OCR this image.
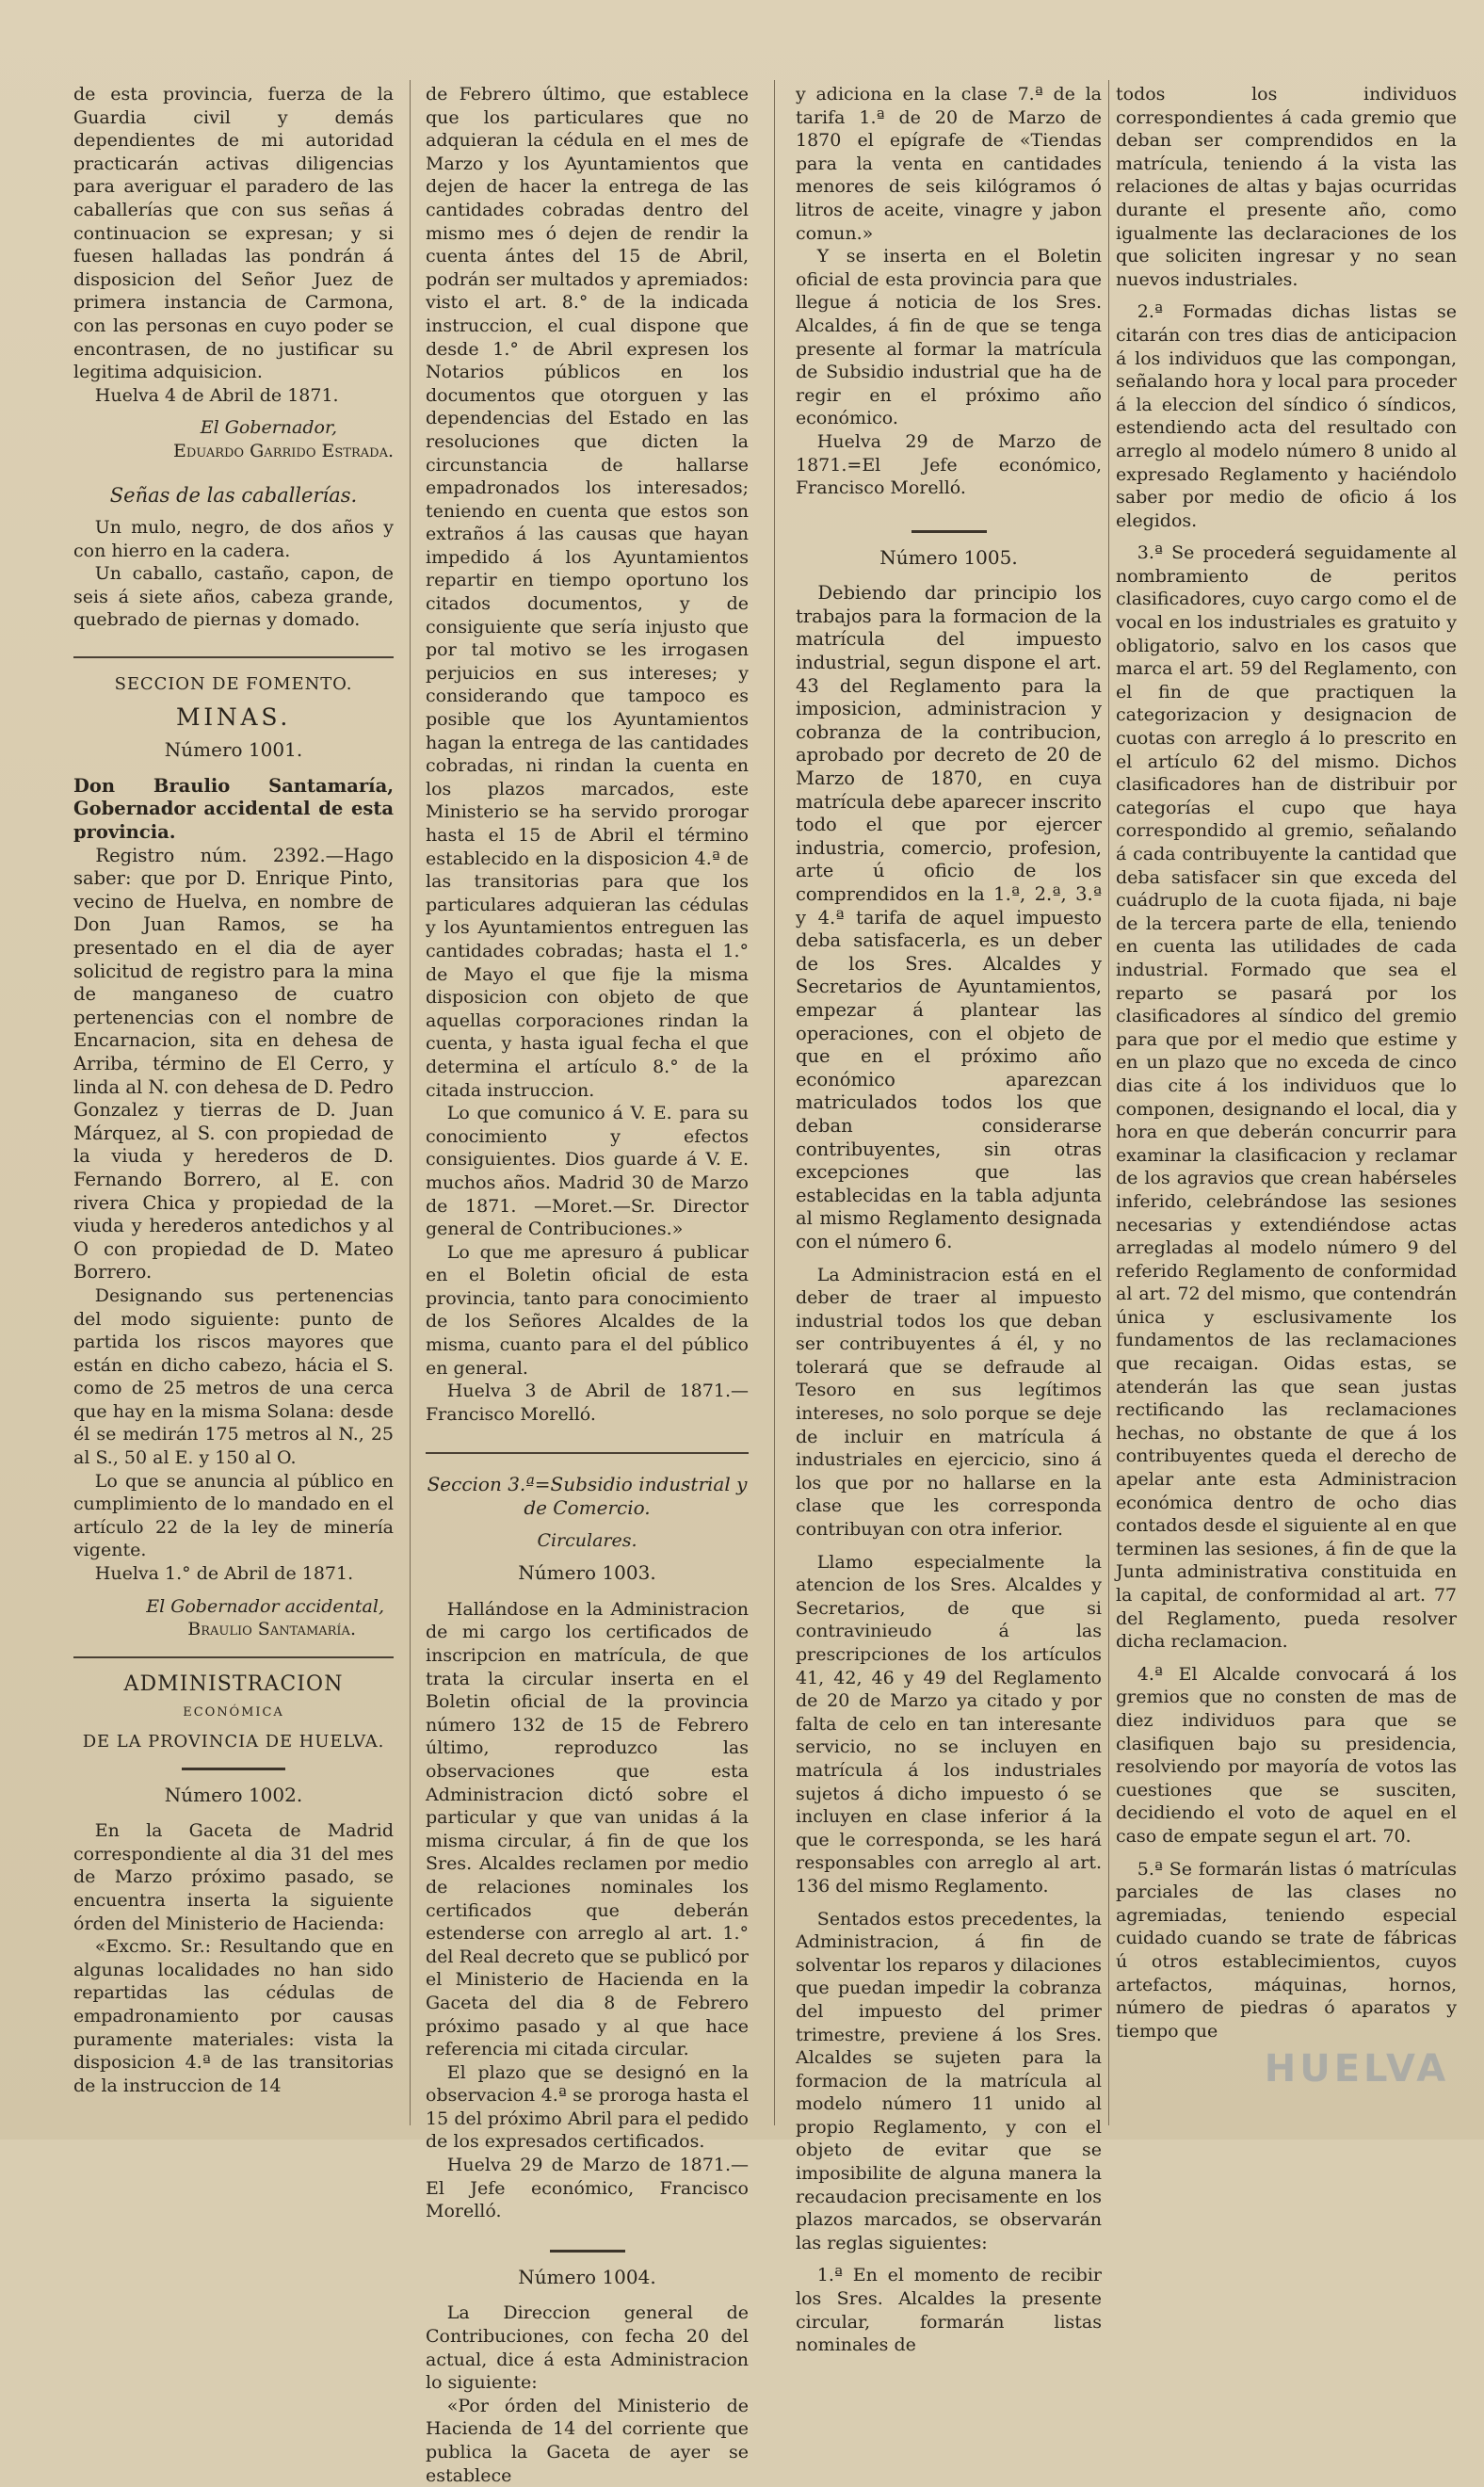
de esta provincia, fuerza de la Guardia civil y demás dependientes de mi autoridad practicarán activas diligencias para averiguar el paradero de las caballerías que con sus señas á continuacion se expresan; y si fuesen halladas las pondrán á disposicion del Señor Juez de primera instancia de Carmona, con las personas en cuyo poder se encontrasen, de no justificar su legitima adquisicion.

Huelva 4 de Abril de 1871.

El Gobernador,

Eduardo Garrido Estrada.

Señas de las caballerías.

Un mulo, negro, de dos años y con hierro en la cadera.

Un caballo, castaño, capon, de seis á siete años, cabeza grande, quebrado de piernas y domado.

SECCION DE FOMENTO.

MINAS.

Número 1001.

Don Braulio Santamaría, Gobernador accidental de esta provincia.

Registro núm. 2392.—Hago saber: que por D. Enrique Pinto, vecino de Huelva, en nombre de Don Juan Ramos, se ha presentado en el dia de ayer solicitud de registro para la mina de manganeso de cuatro pertenencias con el nombre de Encarnacion, sita en dehesa de Arriba, término de El Cerro, y linda al N. con dehesa de D. Pedro Gonzalez y tierras de D. Juan Márquez, al S. con propiedad de la viuda y herederos de D. Fernando Borrero, al E. con rivera Chica y propiedad de la viuda y herederos antedichos y al O con propiedad de D. Mateo Borrero.

Designando sus pertenencias del modo siguiente: punto de partida los riscos mayores que están en dicho cabezo, hácia el S. como de 25 metros de una cerca que hay en la misma Solana: desde él se medirán 175 metros al N., 25 al S., 50 al E. y 150 al O.

Lo que se anuncia al público en cumplimiento de lo mandado en el artículo 22 de la ley de minería vigente.

Huelva 1.° de Abril de 1871.

El Gobernador accidental,

Braulio Santamaría.

ADMINISTRACION

ECONÓMICA

DE LA PROVINCIA DE HUELVA.

Número 1002.

En la Gaceta de Madrid correspondiente al dia 31 del mes de Marzo próximo pasado, se encuentra inserta la siguiente órden del Ministerio de Hacienda:

«Excmo. Sr.: Resultando que en algunas localidades no han sido repartidas las cédulas de empadronamiento por causas puramente materiales: vista la disposicion 4.ª de las transitorias de la instruccion de 14

de Febrero último, que establece que los particulares que no adquieran la cédula en el mes de Marzo y los Ayuntamientos que dejen de hacer la entrega de las cantidades cobradas dentro del mismo mes ó dejen de rendir la cuenta ántes del 15 de Abril, podrán ser multados y apremiados: visto el art. 8.° de la indicada instruccion, el cual dispone que desde 1.° de Abril expresen los Notarios públicos en los documentos que otorguen y las dependencias del Estado en las resoluciones que dicten la circunstancia de hallarse empadronados los interesados; teniendo en cuenta que estos son extraños á las causas que hayan impedido á los Ayuntamientos repartir en tiempo oportuno los citados documentos, y de consiguiente que sería injusto que por tal motivo se les irrogasen perjuicios en sus intereses; y considerando que tampoco es posible que los Ayuntamientos hagan la entrega de las cantidades cobradas, ni rindan la cuenta en los plazos marcados, este Ministerio se ha servido prorogar hasta el 15 de Abril el término establecido en la disposicion 4.ª de las transitorias para que los particulares adquieran las cédulas y los Ayuntamientos entreguen las cantidades cobradas; hasta el 1.° de Mayo el que fije la misma disposicion con objeto de que aquellas corporaciones rindan la cuenta, y hasta igual fecha el que determina el artículo 8.° de la citada instruccion.

Lo que comunico á V. E. para su conocimiento y efectos consiguientes. Dios guarde á V. E. muchos años. Madrid 30 de Marzo de 1871. —Moret.—Sr. Director general de Contribuciones.»

Lo que me apresuro á publicar en el Boletin oficial de esta provincia, tanto para conocimiento de los Señores Alcaldes de la misma, cuanto para el del público en general.

Huelva 3 de Abril de 1871.—Francisco Morelló.

Seccion 3.ª=Subsidio industrial y de Comercio.

Circulares.

Número 1003.

Hallándose en la Administracion de mi cargo los certificados de inscripcion en matrícula, de que trata la circular inserta en el Boletin oficial de la provincia número 132 de 15 de Febrero último, reproduzco las observaciones que esta Administracion dictó sobre el particular y que van unidas á la misma circular, á fin de que los Sres. Alcaldes reclamen por medio de relaciones nominales los certificados que deberán estenderse con arreglo al art. 1.° del Real decreto que se publicó por el Ministerio de Hacienda en la Gaceta del dia 8 de Febrero próximo pasado y al que hace referencia mi citada circular.

El plazo que se designó en la observacion 4.ª se proroga hasta el 15 del próximo Abril para el pedido de los expresados certificados.

Huelva 29 de Marzo de 1871.—El Jefe económico, Francisco Morelló.

Número 1004.

La Direccion general de Contribuciones, con fecha 20 del actual, dice á esta Administracion lo siguiente:

«Por órden del Ministerio de Hacienda de 14 del corriente que publica la Gaceta de ayer se establece

y adiciona en la clase 7.ª de la tarifa 1.ª de 20 de Marzo de 1870 el epígrafe de «Tiendas para la venta en cantidades menores de seis kilógramos ó litros de aceite, vinagre y jabon comun.»

Y se inserta en el Boletin oficial de esta provincia para que llegue á noticia de los Sres. Alcaldes, á fin de que se tenga presente al formar la matrícula de Subsidio industrial que ha de regir en el próximo año económico.

Huelva 29 de Marzo de 1871.=El Jefe económico, Francisco Morelló.

Número 1005.

Debiendo dar principio los trabajos para la formacion de la matrícula del impuesto industrial, segun dispone el art. 43 del Reglamento para la imposicion, administracion y cobranza de la contribucion, aprobado por decreto de 20 de Marzo de 1870, en cuya matrícula debe aparecer inscrito todo el que por ejercer industria, comercio, profesion, arte ú oficio de los comprendidos en la 1.ª, 2.ª, 3.ª y 4.ª tarifa de aquel impuesto deba satisfacerla, es un deber de los Sres. Alcaldes y Secretarios de Ayuntamientos, empezar á plantear las operaciones, con el objeto de que en el próximo año económico aparezcan matriculados todos los que deban considerarse contribuyentes, sin otras excepciones que las establecidas en la tabla adjunta al mismo Reglamento designada con el número 6.

La Administracion está en el deber de traer al impuesto industrial todos los que deban ser contribuyentes á él, y no tolerará que se defraude al Tesoro en sus legítimos intereses, no solo porque se deje de incluir en matrícula á industriales en ejercicio, sino á los que por no hallarse en la clase que les corresponda contribuyan con otra inferior.

Llamo especialmente la atencion de los Sres. Alcaldes y Secretarios, de que si contravinieudo á las prescripciones de los artículos 41, 42, 46 y 49 del Reglamento de 20 de Marzo ya citado y por falta de celo en tan interesante servicio, no se incluyen en matrícula á los industriales sujetos á dicho impuesto ó se incluyen en clase inferior á la que le corresponda, se les hará responsables con arreglo al art. 136 del mismo Reglamento.

Sentados estos precedentes, la Administracion, á fin de solventar los reparos y dilaciones que puedan impedir la cobranza del impuesto del primer trimestre, previene á los Sres. Alcaldes se sujeten para la formacion de la matrícula al modelo número 11 unido al propio Reglamento, y con el objeto de evitar que se imposibilite de alguna manera la recaudacion precisamente en los plazos marcados, se observarán las reglas siguientes:

1.ª En el momento de recibir los Sres. Alcaldes la presente circular, formarán listas nominales de

todos los individuos correspondientes á cada gremio que deban ser comprendidos en la matrícula, teniendo á la vista las relaciones de altas y bajas ocurridas durante el presente año, como igualmente las declaraciones de los que soliciten ingresar y no sean nuevos industriales.

2.ª Formadas dichas listas se citarán con tres dias de anticipacion á los individuos que las compongan, señalando hora y local para proceder á la eleccion del síndico ó síndicos, estendiendo acta del resultado con arreglo al modelo número 8 unido al expresado Reglamento y haciéndolo saber por medio de oficio á los elegidos.

3.ª Se procederá seguidamente al nombramiento de peritos clasificadores, cuyo cargo como el de vocal en los industriales es gratuito y obligatorio, salvo en los casos que marca el art. 59 del Reglamento, con el fin de que practiquen la categorizacion y designacion de cuotas con arreglo á lo prescrito en el artículo 62 del mismo. Dichos clasificadores han de distribuir por categorías el cupo que haya correspondido al gremio, señalando á cada contribuyente la cantidad que deba satisfacer sin que exceda del cuádruplo de la cuota fijada, ni baje de la tercera parte de ella, teniendo en cuenta las utilidades de cada industrial. Formado que sea el reparto se pasará por los clasificadores al síndico del gremio para que por el medio que estime y en un plazo que no exceda de cinco dias cite á los individuos que lo componen, designando el local, dia y hora en que deberán concurrir para examinar la clasificacion y reclamar de los agravios que crean habérseles inferido, celebrándose las sesiones necesarias y extendiéndose actas arregladas al modelo número 9 del referido Reglamento de conformidad al art. 72 del mismo, que contendrán única y esclusivamente los fundamentos de las reclamaciones que recaigan. Oidas estas, se atenderán las que sean justas rectificando las reclamaciones hechas, no obstante de que á los contribuyentes queda el derecho de apelar ante esta Administracion económica dentro de ocho dias contados desde el siguiente al en que terminen las sesiones, á fin de que la Junta administrativa constituida en la capital, de conformidad al art. 77 del Reglamento, pueda resolver dicha reclamacion.

4.ª El Alcalde convocará á los gremios que no consten de mas de diez individuos para que se clasifiquen bajo su presidencia, resolviendo por mayoría de votos las cuestiones que se susciten, decidiendo el voto de aquel en el caso de empate segun el art. 70.

5.ª Se formarán listas ó matrículas parciales de las clases no agremiadas, teniendo especial cuidado cuando se trate de fábricas ú otros establecimientos, cuyos artefactos, máquinas, hornos, número de piedras ó aparatos y tiempo que

HUELVA
